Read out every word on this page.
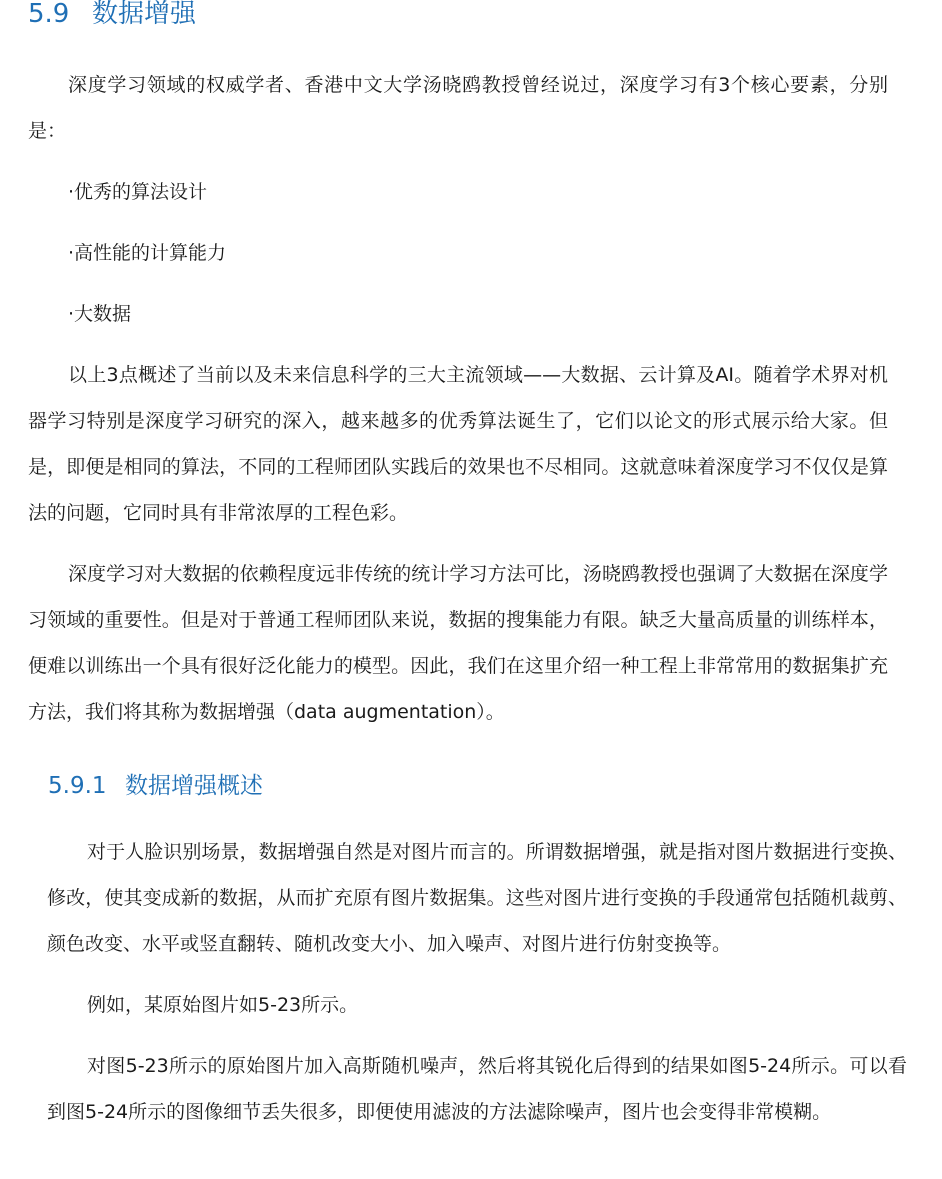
5.9 数据增强

深度学习领域的权威学者、香港中文大学汤晓鸥教授曾经说过，深度学习有3个核心要素，分别是：

·优秀的算法设计

·高性能的计算能力

·大数据

以上3点概述了当前以及未来信息科学的三大主流领域——大数据、云计算及AI。随着学术界对机器学习特别是深度学习研究的深入，越来越多的优秀算法诞生了，它们以论文的形式展示给大家。但是，即便是相同的算法，不同的工程师团队实践后的效果也不尽相同。这就意味着深度学习不仅仅是算法的问题，它同时具有非常浓厚的工程色彩。

深度学习对大数据的依赖程度远非传统的统计学习方法可比，汤晓鸥教授也强调了大数据在深度学习领域的重要性。但是对于普通工程师团队来说，数据的搜集能力有限。缺乏大量高质量的训练样本，便难以训练出一个具有很好泛化能力的模型。因此，我们在这里介绍一种工程上非常常用的数据集扩充方法，我们将其称为数据增强（data augmentation）。

5.9.1 数据增强概述

对于人脸识别场景，数据增强自然是对图片而言的。所谓数据增强，就是指对图片数据进行变换、修改，使其变成新的数据，从而扩充原有图片数据集。这些对图片进行变换的手段通常包括随机裁剪、颜色改变、水平或竖直翻转、随机改变大小、加入噪声、对图片进行仿射变换等。

例如，某原始图片如5-23所示。

对图5-23所示的原始图片加入高斯随机噪声，然后将其锐化后得到的结果如图5-24所示。可以看到图5-24所示的图像细节丢失很多，即便使用滤波的方法滤除噪声，图片也会变得非常模糊。
